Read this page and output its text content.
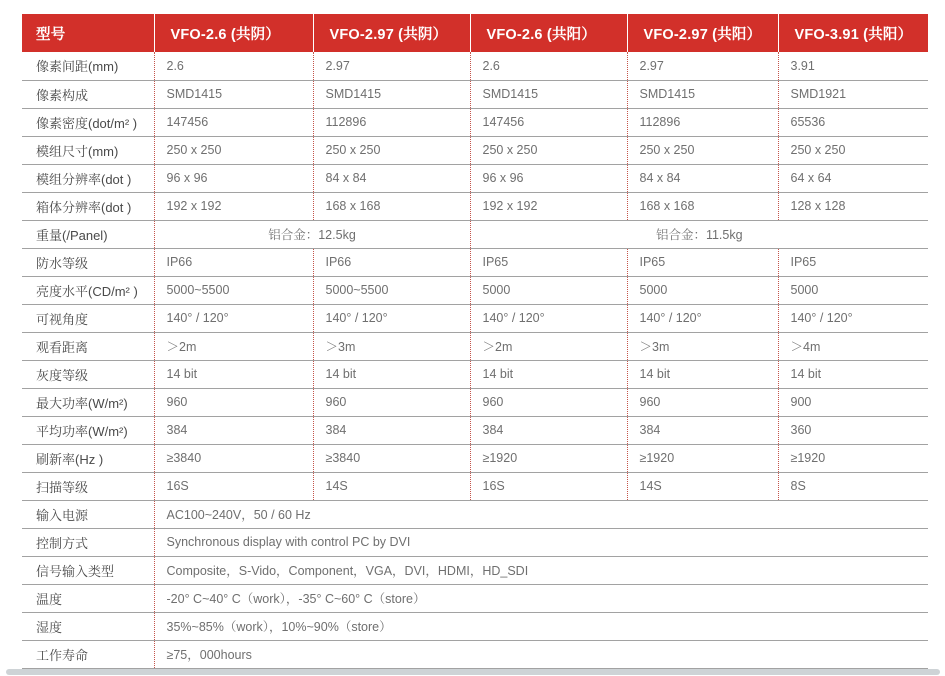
型号	VFO-2.6 (共阴）	VFO-2.97 (共阴）	VFO-2.6 (共阳）	VFO-2.97 (共阳）	VFO-3.91 (共阳）
像素间距(mm)	2.6	2.97	2.6	2.97	3.91
像素构成	SMD1415	SMD1415	SMD1415	SMD1415	SMD1921
像素密度(dot/m² )	147456	112896	147456	112896	65536
模组尺寸(mm)	250 x 250	250 x 250	250 x 250	250 x 250	250 x 250
模组分辨率(dot )	96 x 96	84 x 84	96 x 96	84 x 84	64 x 64
箱体分辨率(dot )	192 x 192	168 x 168	192 x 192	168 x 168	128 x 128
重量(/Panel)	铝合金：12.5kg		铝合金：11.5kg		
防水等级	IP66	IP66	IP65	IP65	IP65
亮度水平(CD/m² )	5000~5500	5000~5500	5000	5000	5000
可视角度	140° / 120°	140° / 120°	140° / 120°	140° / 120°	140° / 120°
观看距离	＞2m	＞3m	＞2m	＞3m	＞4m
灰度等级	14 bit	14 bit	14 bit	14 bit	14 bit
最大功率(W/m²)	960	960	960	960	900
平均功率(W/m²)	384	384	384	384	360
刷新率(Hz )	≥3840	≥3840	≥1920	≥1920	≥1920
扫描等级	16S	14S	16S	14S	8S
输入电源	AC100~240V，50 / 60 Hz				
控制方式	Synchronous display with control PC by DVI				
信号输入类型	Composite，S-Vido，Component，VGA，DVI，HDMI，HD_SDI				
温度	-20° C~40° C（work），-35° C~60° C（store）				
湿度	35%~85%（work），10%~90%（store）				
工作寿命	≥75，000hours				
